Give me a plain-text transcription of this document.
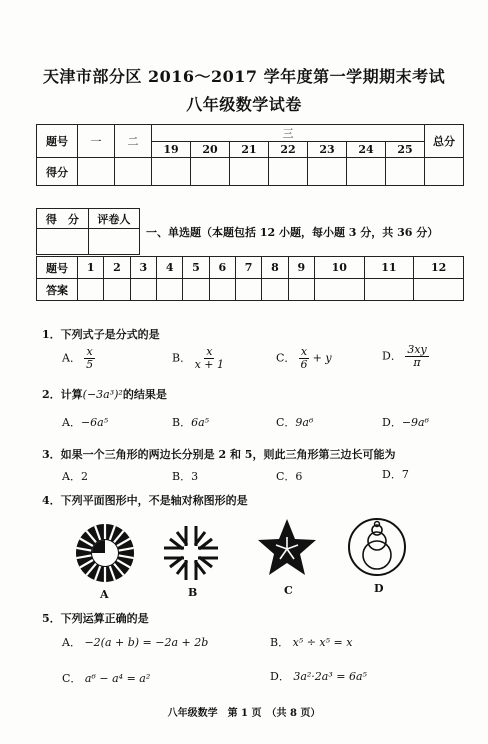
天津市部分区 2016～2017 学年度第一学期期末考试
八年级数学试卷
题号	一	二	三							总分
			19	20	21	22	23	24	25	
得分										
得　分	评卷人

一、单选题（本题包括 12 小题，每小题 3 分，共 36 分）
题号	1	2	3	4	5	6	7	8	9	10	11	12
答案												
1．下列式子是分式的是
A． $\frac{x}{5}$	B． $\frac{x}{x + 1}$	C． $\frac{x}{6} + y$	D． $\frac{3xy}{\pi}$
2．计算(−3a³)²的结果是
A．−6a⁵	B．6a⁵	C．9a⁶	D．−9a⁶
3．如果一个三角形的两边长分别是 2 和 5，则此三角形第三边长可能为
A．2	B．3	C．6	D．7
4．下列平面图形中，不是轴对称图形的是
A	B	C	D
5．下列运算正确的是
A． −2(a + b) = −2a + 2b	B． x⁵ ÷ x⁵ = x
C． a⁶ − a⁴ = a²	D． 3a²·2a³ = 6a⁵
八年级数学　第 1 页　（共 8 页）
